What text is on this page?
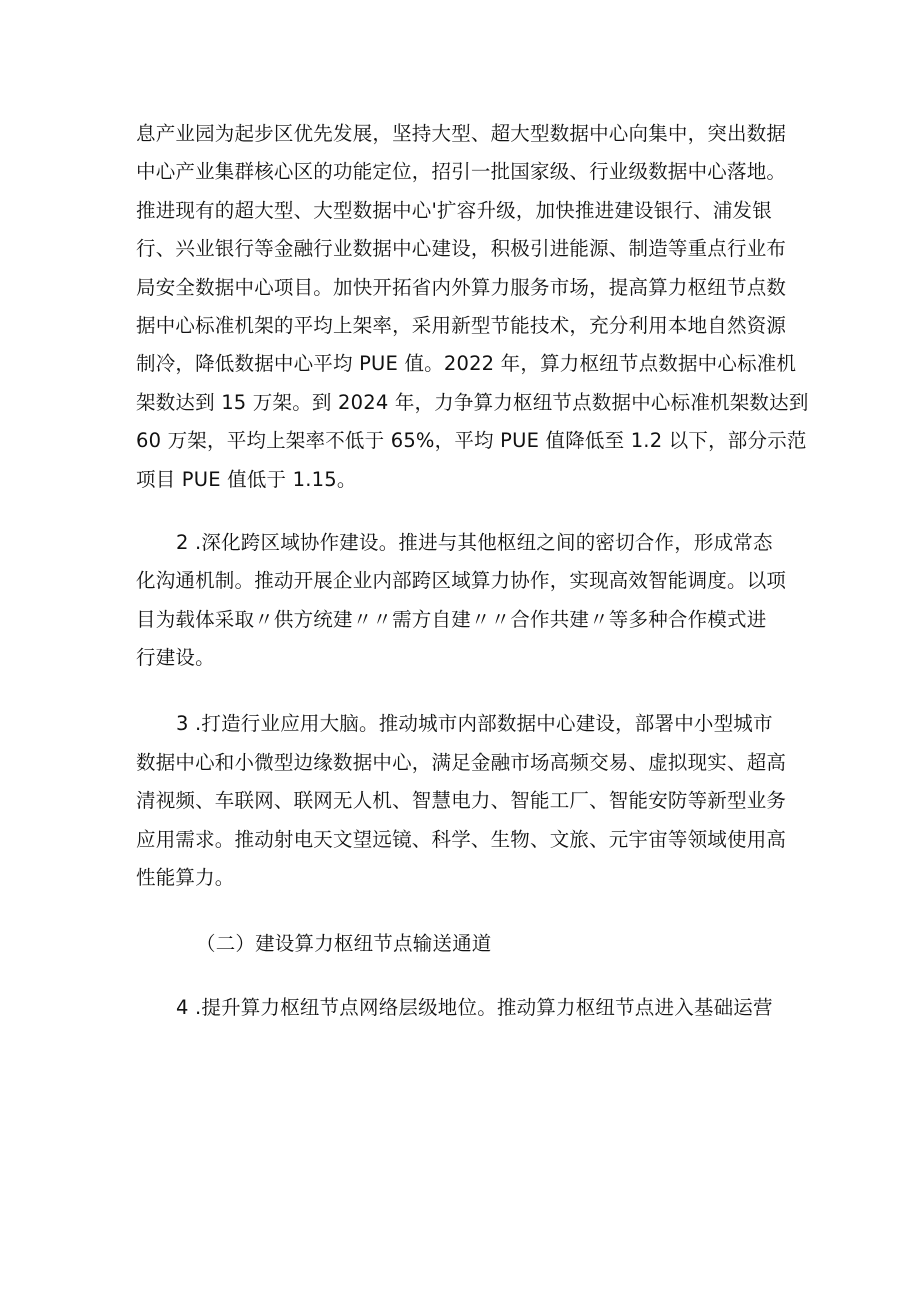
息产业园为起步区优先发展，坚持大型、超大型数据中心向集中，突出数据
中心产业集群核心区的功能定位，招引一批国家级、行业级数据中心落地。
推进现有的超大型、大型数据中心'扩容升级，加快推进建设银行、浦发银
行、兴业银行等金融行业数据中心建设，积极引进能源、制造等重点行业布
局安全数据中心项目。加快开拓省内外算力服务市场，提高算力枢纽节点数
据中心标准机架的平均上架率，采用新型节能技术，充分利用本地自然资源
制冷，降低数据中心平均 PUE 值。2022 年，算力枢纽节点数据中心标准机
架数达到 15 万架。到 2024 年，力争算力枢纽节点数据中心标准机架数达到
60 万架，平均上架率不低于 65%，平均 PUE 值降低至 1.2 以下，部分示范
项目 PUE 值低于 1.15。
2 .深化跨区域协作建设。推进与其他枢纽之间的密切合作，形成常态
化沟通机制。推动开展企业内部跨区域算力协作，实现高效智能调度。以项
目为载体采取〃供方统建〃〃需方自建〃〃合作共建〃等多种合作模式进
行建设。
3 .打造行业应用大脑。推动城市内部数据中心建设，部署中小型城市
数据中心和小微型边缘数据中心，满足金融市场高频交易、虚拟现实、超高
清视频、车联网、联网无人机、智慧电力、智能工厂、智能安防等新型业务
应用需求。推动射电天文望远镜、科学、生物、文旅、元宇宙等领域使用高
性能算力。
（二）建设算力枢纽节点输送通道
4 .提升算力枢纽节点网络层级地位。推动算力枢纽节点进入基础运营
